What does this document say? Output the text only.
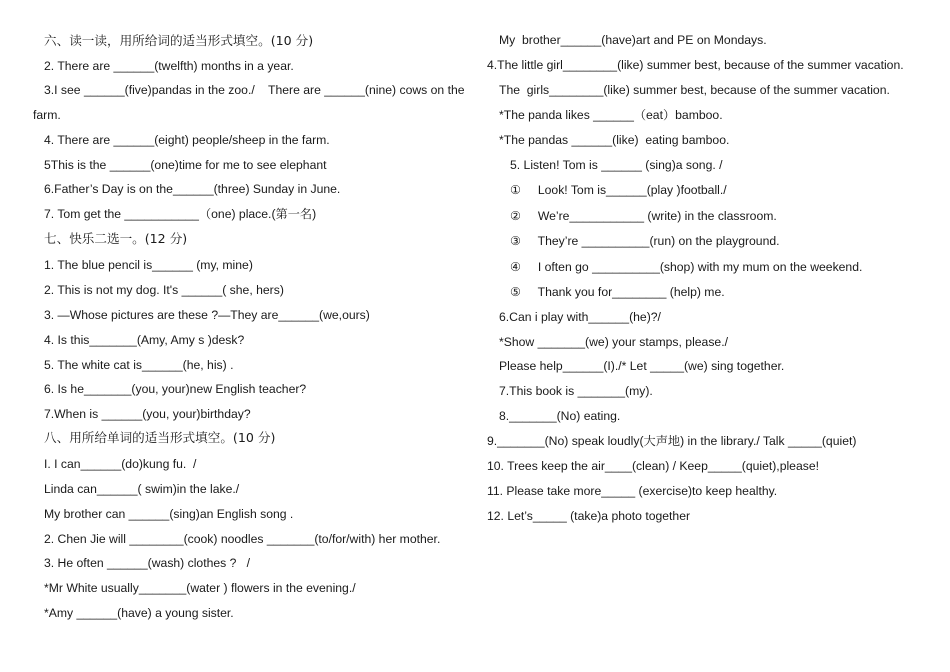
六、读一读，用所给词的适当形式填空。(10 分)
2. There are ______(twelfth) months in a year.
3.I see ______(five)pandas in the zoo./    There are ______(nine) cows on the
farm.
4. There are ______(eight) people/sheep in the farm.
5This is the ______(one)time for me to see elephant
6.Father’s Day is on the______(three) Sunday in June.
7. Tom get the ___________（one) place.(第一名)
七、快乐二选一。(12 分)
1. The blue pencil is______ (my, mine)
2. This is not my dog. It's ______( she, hers)
3. —Whose pictures are these ?—They are______(we,ours)
4. Is this_______(Amy, Amy s )desk?
5. The white cat is______(he, his) .
6. Is he_______(you, your)new English teacher?
7.When is ______(you, your)birthday?
八、用所给单词的适当形式填空。(10 分)
I. I can______(do)kung fu.  /
Linda can______( swim)in the lake./
My brother can ______(sing)an English song .
2. Chen Jie will ________(cook) noodles _______(to/for/with) her mother.
3. He often ______(wash) clothes ?   /
*Mr White usually_______(water ) flowers in the evening./
*Amy ______(have) a young sister.
My  brother______(have)art and PE on Mondays.
4.The little girl________(like) summer best, because of the summer vacation.
The  girls________(like) summer best, because of the summer vacation.
*The panda likes ______（eat）bamboo.
*The pandas ______(like)  eating bamboo.
5. Listen! Tom is ______ (sing)a song. /
①     Look! Tom is______(play )football./
②     We’re___________ (write) in the classroom.
③     They’re __________(run) on the playground.
④     I often go __________(shop) with my mum on the weekend.
⑤     Thank you for________ (help) me.
6.Can i play with______(he)?/
*Show _______(we) your stamps, please./
Please help______(I)./* Let _____(we) sing together.
7.This book is _______(my).
8._______(No) eating.
9._______(No) speak loudly(大声地) in the library./ Talk _____(quiet)
10. Trees keep the air____(clean) / Keep_____(quiet),please!
11. Please take more_____ (exercise)to keep healthy.
12. Let’s_____ (take)a photo together
